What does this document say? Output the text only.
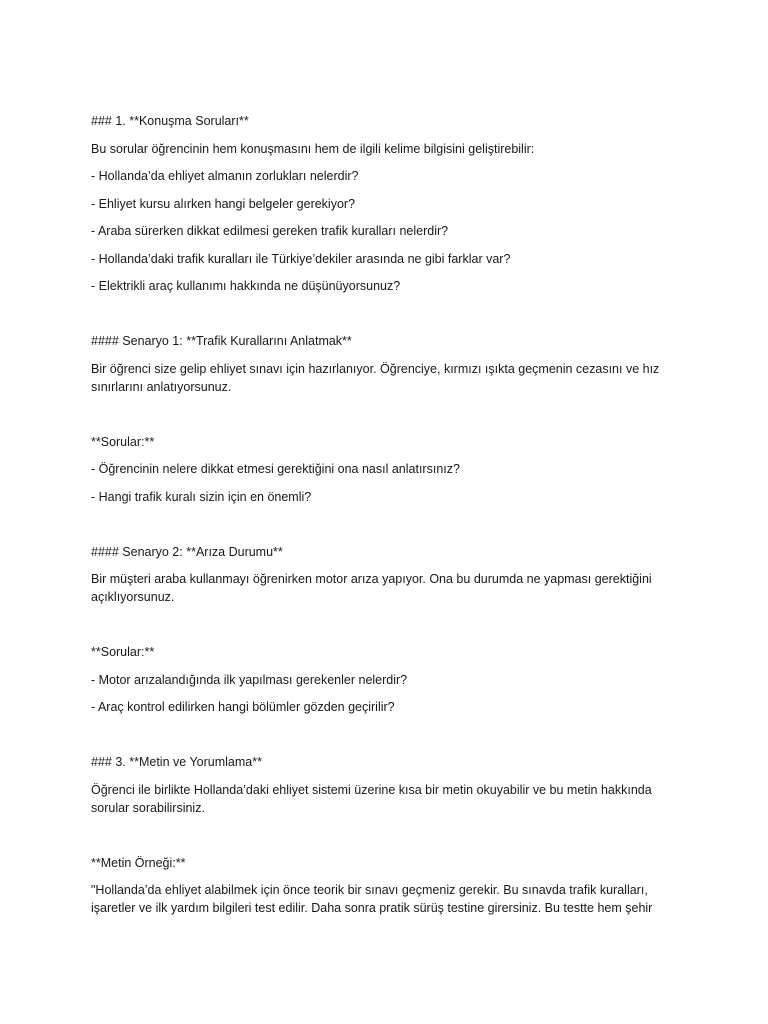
### 1. **Konuşma Soruları**

Bu sorular öğrencinin hem konuşmasını hem de ilgili kelime bilgisini geliştirebilir:

- Hollanda’da ehliyet almanın zorlukları nelerdir?

- Ehliyet kursu alırken hangi belgeler gerekiyor?

- Araba sürerken dikkat edilmesi gereken trafik kuralları nelerdir?

- Hollanda’daki trafik kuralları ile Türkiye’dekiler arasında ne gibi farklar var?

- Elektrikli araç kullanımı hakkında ne düşünüyorsunuz?

#### Senaryo 1: **Trafik Kurallarını Anlatmak**

Bir öğrenci size gelip ehliyet sınavı için hazırlanıyor. Öğrenciye, kırmızı ışıkta geçmenin cezasını ve hız sınırlarını anlatıyorsunuz.

**Sorular:**

- Öğrencinin nelere dikkat etmesi gerektiğini ona nasıl anlatırsınız?

- Hangi trafik kuralı sizin için en önemli?

#### Senaryo 2: **Arıza Durumu**

Bir müşteri araba kullanmayı öğrenirken motor arıza yapıyor. Ona bu durumda ne yapması gerektiğini açıklıyorsunuz.

**Sorular:**

- Motor arızalandığında ilk yapılması gerekenler nelerdir?

- Araç kontrol edilirken hangi bölümler gözden geçirilir?

### 3. **Metin ve Yorumlama**

Öğrenci ile birlikte Hollanda’daki ehliyet sistemi üzerine kısa bir metin okuyabilir ve bu metin hakkında sorular sorabilirsiniz.

**Metin Örneği:**

"Hollanda’da ehliyet alabilmek için önce teorik bir sınavı geçmeniz gerekir. Bu sınavda trafik kuralları, işaretler ve ilk yardım bilgileri test edilir. Daha sonra pratik sürüş testine girersiniz. Bu testte hem şehir
